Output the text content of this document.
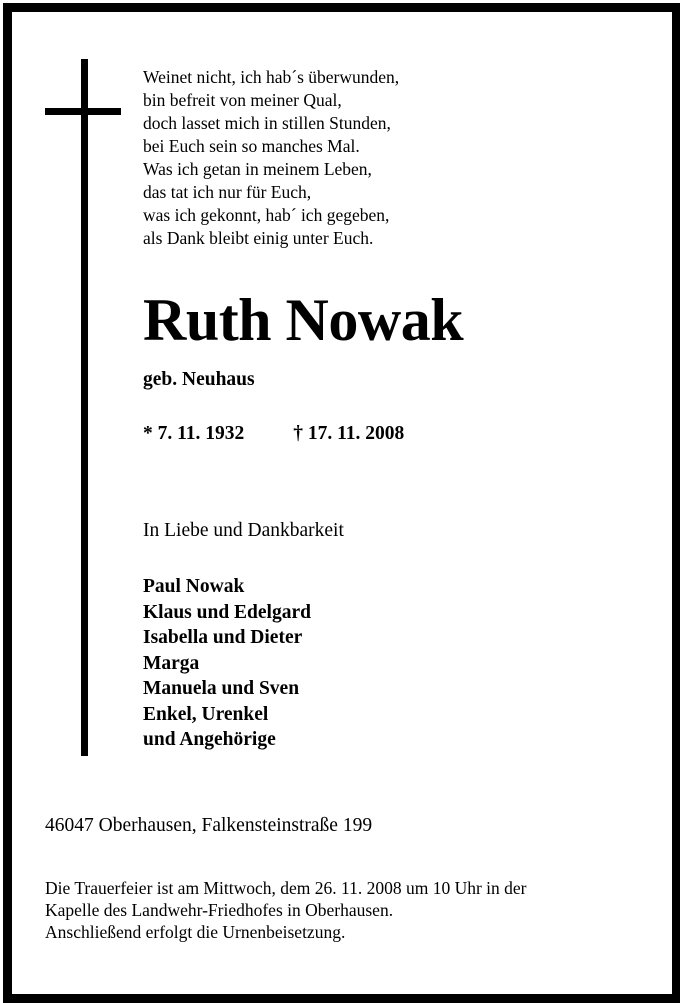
Weinet nicht, ich hab´s überwunden,
bin befreit von meiner Qual,
doch lasset mich in stillen Stunden,
bei Euch sein so manches Mal.
Was ich getan in meinem Leben,
das tat ich nur für Euch,
was ich gekonnt, hab´ ich gegeben,
als Dank bleibt einig unter Euch.
Ruth Nowak
geb. Neuhaus
* 7. 11. 1932	† 17. 11. 2008
In Liebe und Dankbarkeit
Paul Nowak
Klaus und Edelgard
Isabella und Dieter
Marga
Manuela und Sven
Enkel, Urenkel
und Angehörige
46047 Oberhausen, Falkensteinstraße 199
Die Trauerfeier ist am Mittwoch, dem 26. 11. 2008 um 10 Uhr in der
Kapelle des Landwehr-Friedhofes in Oberhausen.
Anschließend erfolgt die Urnenbeisetzung.
